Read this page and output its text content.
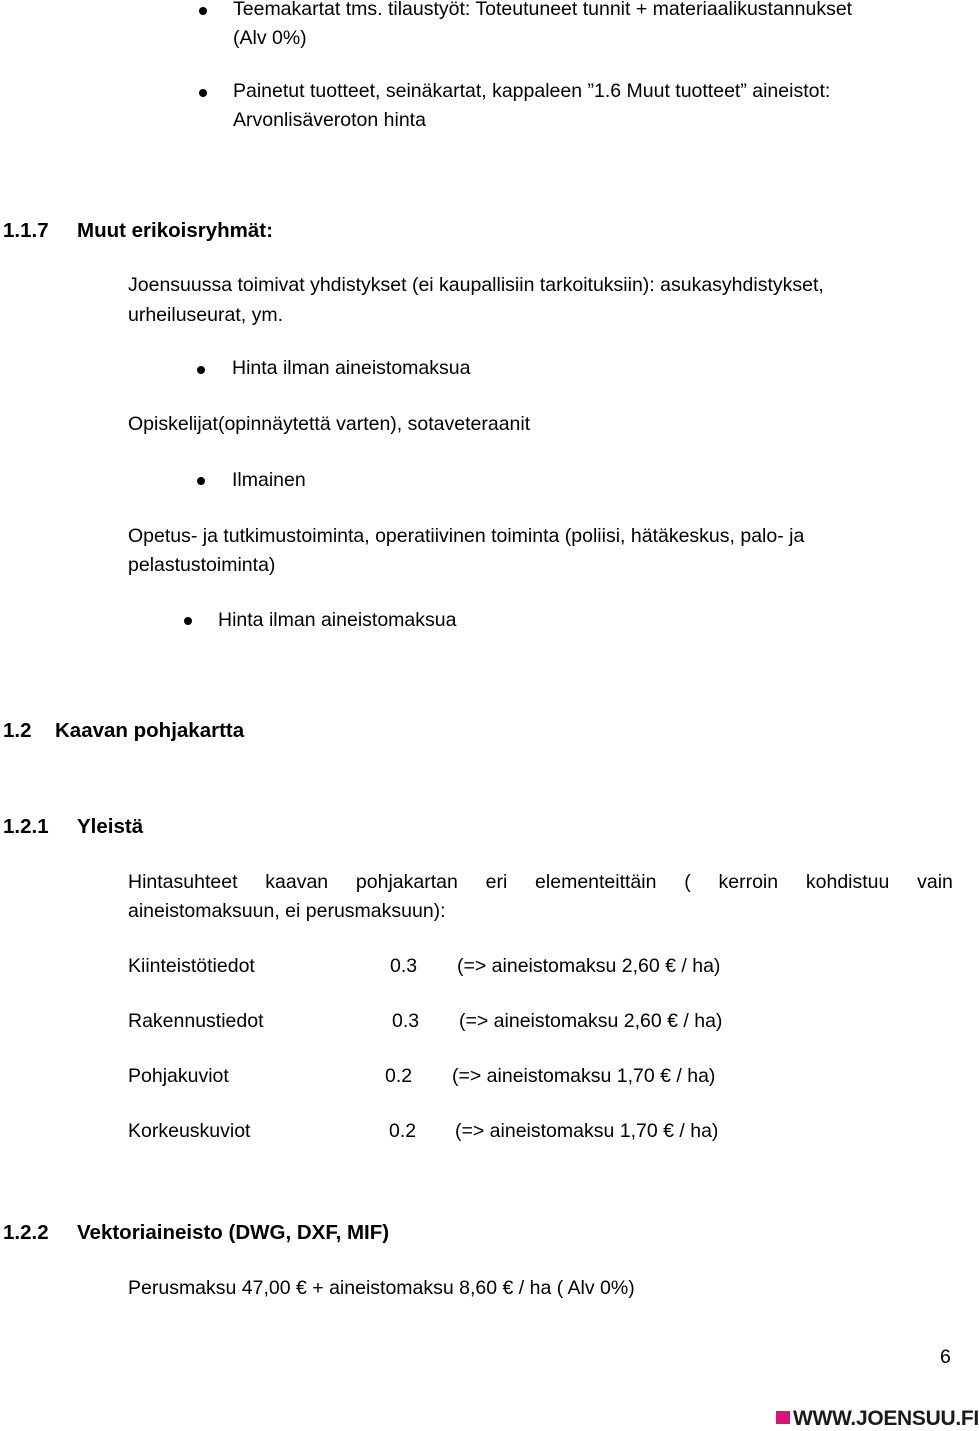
Teemakartat tms. tilaustyöt: Toteutuneet tunnit + materiaalikustannukset
(Alv 0%)
Painetut tuotteet, seinäkartat, kappaleen ”1.6 Muut tuotteet” aineistot:
Arvonlisäveroton hinta
1.1.7 Muut erikoisryhmät:
Joensuussa toimivat yhdistykset (ei kaupallisiin tarkoituksiin): asukasyhdistykset,
urheiluseurat, ym.
Hinta ilman aineistomaksua
Opiskelijat(opinnäytettä varten), sotaveteraanit
Ilmainen
Opetus- ja tutkimustoiminta, operatiivinen toiminta (poliisi, hätäkeskus, palo- ja
pelastustoiminta)
Hinta ilman aineistomaksua
1.2 Kaavan pohjakartta
1.2.1 Yleistä
Hintasuhteet kaavan pohjakartan eri elementeittäin ( kerroin kohdistuu vain
aineistomaksuun, ei perusmaksuun):
Kiinteistötiedot	0.3 (=> aineistomaksu 2,60 € / ha)
Rakennustiedot	0.3 (=> aineistomaksu 2,60 € / ha)
Pohjakuviot	0.2 (=> aineistomaksu 1,70 € / ha)
Korkeuskuviot	0.2 (=> aineistomaksu 1,70 € / ha)
1.2.2 Vektoriaineisto (DWG, DXF, MIF)
Perusmaksu 47,00 € + aineistomaksu 8,60 € / ha ( Alv 0%)
6
WWW.JOENSUU.FI
